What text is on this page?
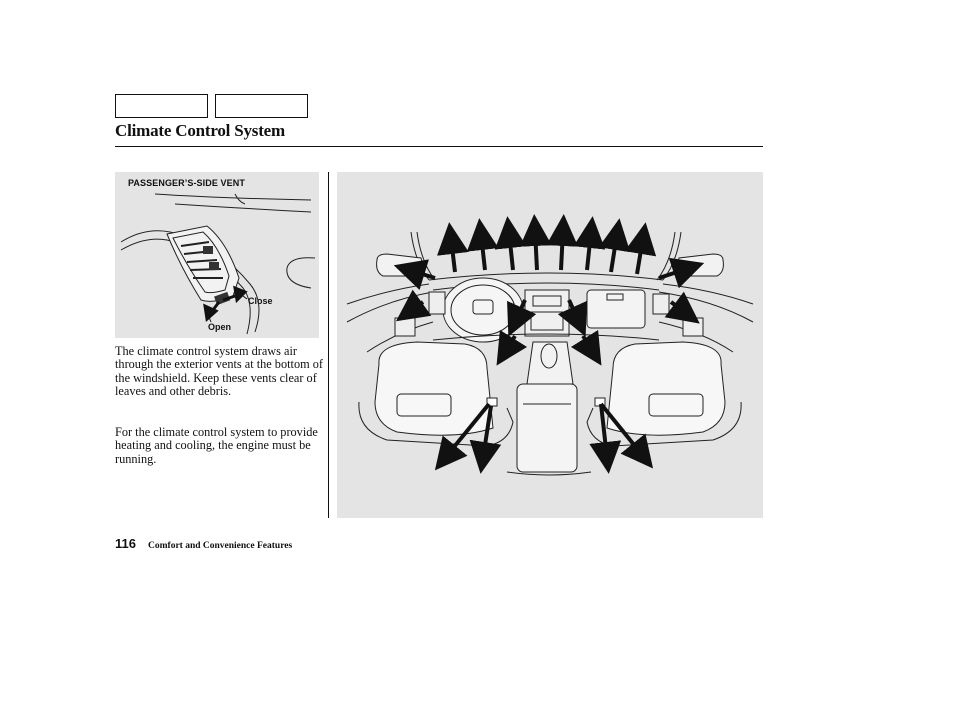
Climate Control System
PASSENGER’S-SIDE VENT
Close
Open
The climate control system draws air through the exterior vents at the bottom of the windshield. Keep these vents clear of leaves and other debris.
For the climate control system to provide heating and cooling, the engine must be running.
116 Comfort and Convenience Features
